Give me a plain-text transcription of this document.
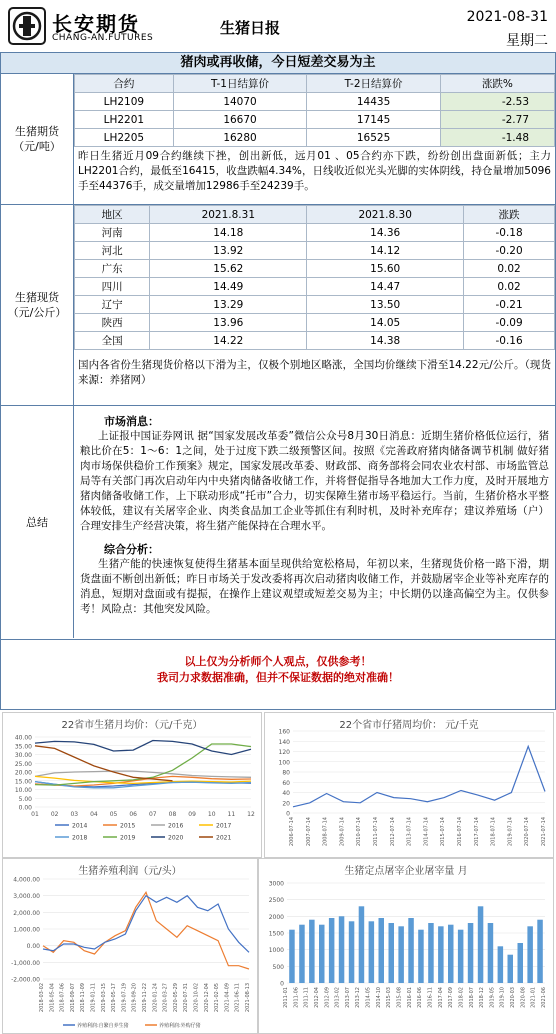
长安期货
CHANG-AN.FUTURES
生猪日报
2021-08-31
星期二
猪肉或再收储，今日短差交易为主
生猪期货
（元/吨）
合约	T-1日结算价	T-2日结算价	涨跌%
LH2109	14070	14435	-2.53
LH2201	16670	17145	-2.77
LH2205	16280	16525	-1.48
昨日生猪近月09合约继续下挫，创出新低，远月01 、05合约亦下跌，纷纷创出盘面新低；主力LH2201合约，最低至16415，收盘跌幅4.34%，日线收近似光头光脚的实体阴线，持仓量增加5096手至44376手，成交量增加12986手至24239手。
生猪现货
（元/公斤）
地区	2021.8.31	2021.8.30	涨跌
河南	14.18	14.36	-0.18
河北	13.92	14.12	-0.20
广东	15.62	15.60	0.02
四川	14.49	14.47	0.02
辽宁	13.29	13.50	-0.21
陕西	13.96	14.05	-0.09
全国	14.22	14.38	-0.16
国内各省份生猪现货价格以下滑为主，仅极个别地区略涨，全国均价继续下滑至14.22元/公斤。（现货来源：养猪网）
总结
市场消息：
上证报中国证券网讯 据“国家发展改革委”微信公众号8月30日消息：近期生猪价格低位运行，猪粮比价在5：1～6：1之间，处于过度下跌二级预警区间。按照《完善政府猪肉储备调节机制 做好猪肉市场保供稳价工作预案》规定，国家发展改革委、财政部、商务部将会同农业农村部、市场监管总局等有关部门再次启动年内中央猪肉储备收储工作，并将督促指导各地加大工作力度，及时开展地方猪肉储备收储工作，上下联动形成“托市”合力，切实保障生猪市场平稳运行。当前，生猪价格水平整体较低，建议有关屠宰企业、肉类食品加工企业等抓住有利时机，及时补充库存；建议养殖场（户）合理安排生产经营决策，将生猪产能保持在合理水平。
综合分析：
生猪产能的快速恢复使得生猪基本面呈现供给宽松格局，年初以来，生猪现货价格一路下滑，期货盘面不断创出新低；昨日市场关于发改委将再次启动猪肉收储工作，并鼓励屠宰企业等补充库存的消息，短期对盘面或有提振，在操作上建议观望或短差交易为主；中长期仍以逢高偏空为主。仅供参考！风险点：其他突发风险。
以上仅为分析师个人观点，仅供参考！
我司力求数据准确，但并不保证数据的绝对准确！
22省市生猪月均价：（元/千克）
40.00
35.00
30.00
25.00
20.00
15.00
10.00
5.00
0.00
01 02 03 04 05 06 07 08 09 10 11 12
2014	2015	2016	2017
2018	2019	2020	2021
22个省市仔猪周均价： 元/千克
160
140
120
100
80
60
40
20
0
2006-07-14 2007-07-14 2008-07-14 2009-07-14 2010-07-14 2011-07-14 2012-07-14 2013-07-14 2014-07-14 2015-07-14 2016-07-14 2017-07-14 2018-07-14 2019-07-14 2020-07-14 2021-07-14
生猪养殖利润（元/头）
4,000.00
3,000.00
2,000.00
1,000.00
0.00
-1,000.00
-2,000.00
2018-03-02 2018-05-04 2018-07-06 2018-09-07 2018-11-09 2019-01-11 2019-03-15 2019-05-17 2019-07-19 2019-09-20 2019-11-22 2020-01-24 2020-03-27 2020-05-29 2020-07-31 2020-10-02 2020-12-04 2021-02-05 2021-04-09 2021-06-11 2021-08-13
养殖利润:自繁自养生猪	养殖利润:外购仔猪
生猪定点屠宰企业屠宰量 月
3000
2500
2000
1500
1000
500
0
2011-01 2011-06 2011-11 2012-04 2012-09 2013-02 2013-07 2013-12 2014-05 2014-10 2015-03 2015-08 2016-01 2016-06 2016-11 2017-04 2017-09 2018-02 2018-07 2018-12 2019-05 2019-10 2020-03 2020-08 2021-01 2021-06
